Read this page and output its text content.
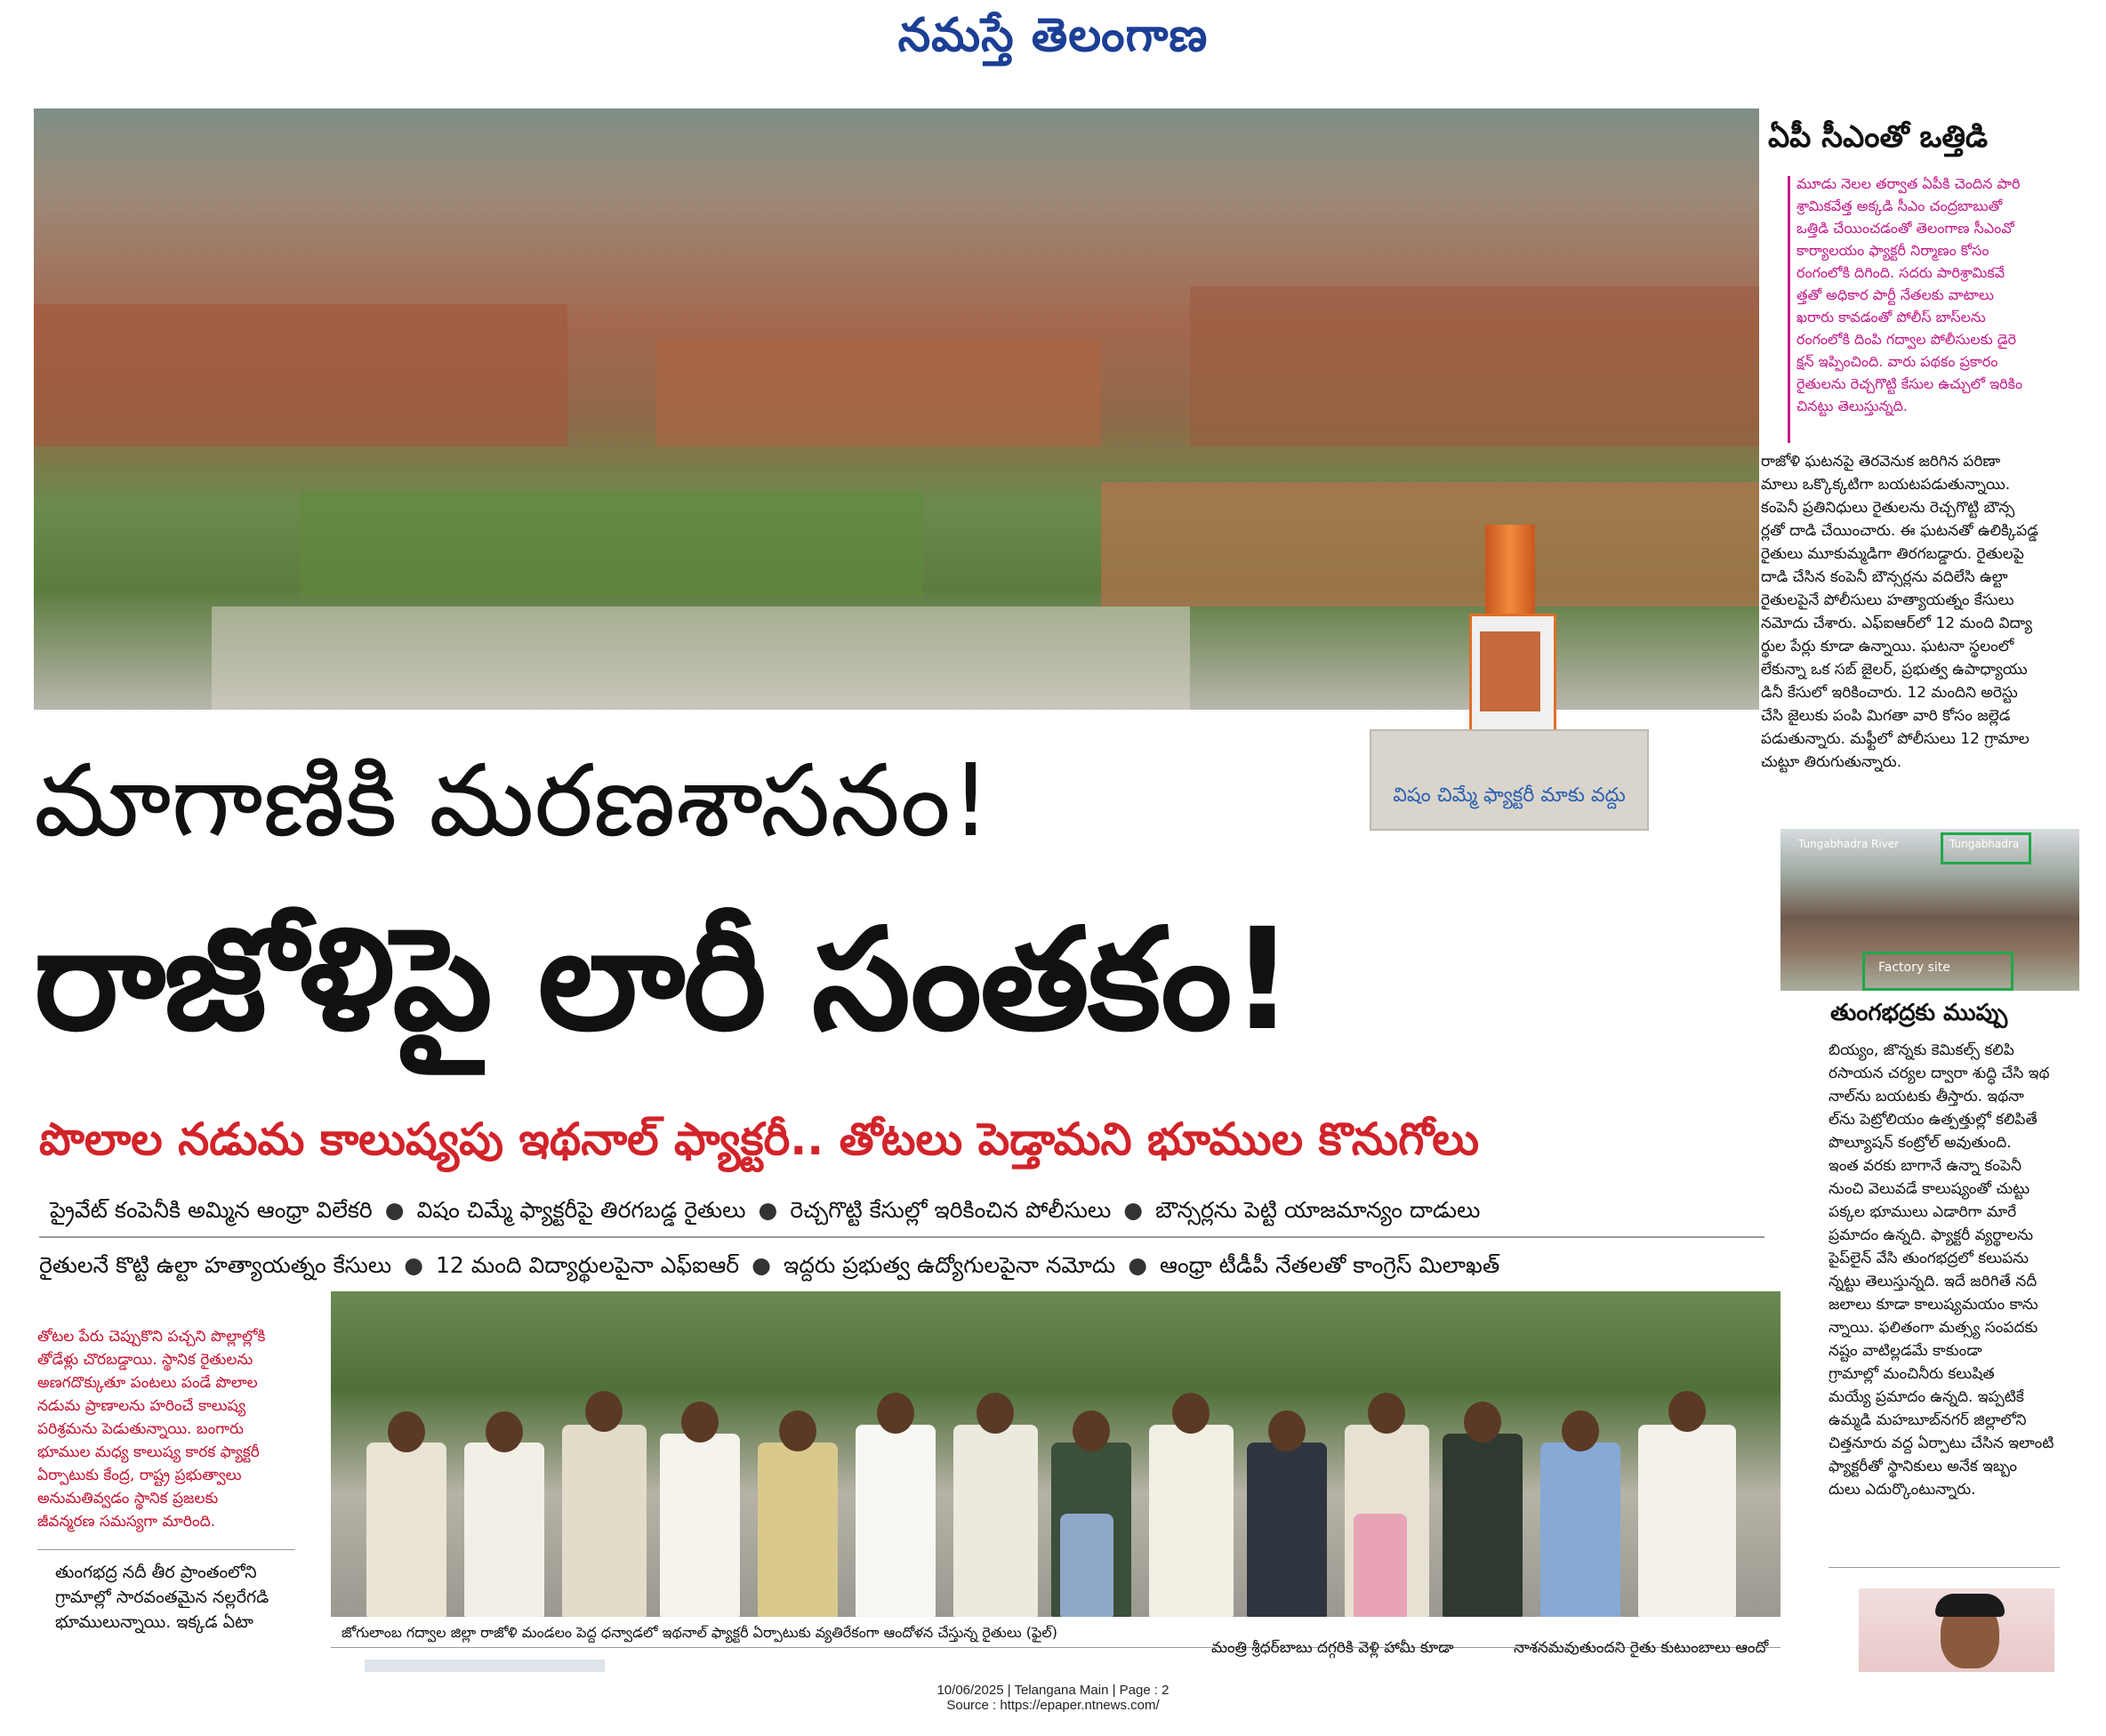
నమస్తే తెలంగాణ
విషం చిమ్మే ఫ్యాక్టరీ మాకు వద్దు
మాగాణికి మరణశాసనం!
రాజోళిపై లారీ సంతకం!
పొలాల నడుమ కాలుష్యపు ఇథనాల్ ఫ్యాక్టరీ.. తోటలు పెడ్తామని భూముల కొనుగోలు
ప్రైవేట్ కంపెనీకి అమ్మిన ఆంధ్రా విలేకరి ● విషం చిమ్మే ఫ్యాక్టరీపై తిరగబడ్డ రైతులు ● రెచ్చగొట్టి కేసుల్లో ఇరికించిన పోలీసులు ● బౌన్సర్లను పెట్టి యాజమాన్యం దాడులు
రైతులనే కొట్టి ఉల్టా హత్యాయత్నం కేసులు ● 12 మంది విద్యార్థులపైనా ఎఫ్ఐఆర్ ● ఇద్దరు ప్రభుత్వ ఉద్యోగులపైనా నమోదు ● ఆంధ్రా టీడీపీ నేతలతో కాంగ్రెస్ మిలాఖత్
తోటల పేరు చెప్పుకొని పచ్చని పొల్లాల్లోకి
తోడేళ్లు చొరబడ్డాయి. స్థానిక రైతులను
అణగదొక్కుతూ పంటలు పండే పొలాల
నడుమ ప్రాణాలను హరించే కాలుష్య
పరిశ్రమను పెడుతున్నాయి. బంగారు
భూముల మధ్య కాలుష్య కారక ఫ్యాక్టరీ
ఏర్పాటుకు కేంద్ర, రాష్ట్ర ప్రభుత్వాలు
అనుమతివ్వడం స్థానిక ప్రజలకు
జీవన్మరణ సమస్యగా మారింది.
తుంగభద్ర నదీ తీర ప్రాంతంలోని
గ్రామాల్లో సారవంతమైన నల్లరేగడి
భూములున్నాయి. ఇక్కడ ఏటా
జోగులాంబ గద్వాల జిల్లా రాజోళి మండలం పెద్ద ధన్వాడలో ఇథనాల్ ఫ్యాక్టరీ ఏర్పాటుకు వ్యతిరేకంగా ఆందోళన చేస్తున్న రైతులు (ఫైల్)
మంత్రి శ్రీధర్‌బాబు దగ్గరికి వెళ్లి హామీ కూడా	నాశనమవుతుందని రైతు కుటుంబాలు ఆందో
ఏపీ సీఎంతో ఒత్తిడి
మూడు నెలల తర్వాత ఏపీకి చెందిన పారి
శ్రామికవేత్త అక్కడి సీఎం చంద్రబాబుతో
ఒత్తిడి చేయించడంతో తెలంగాణ సీఎంవో
కార్యాలయం ఫ్యాక్టరీ నిర్మాణం కోసం
రంగంలోకి దిగింది. సదరు పారిశ్రామికవే
త్తతో అధికార పార్టీ నేతలకు వాటాలు
ఖరారు కావడంతో పోలీస్ బాస్‌లను
రంగంలోకి దింపి గద్వాల పోలీసులకు డైరె
క్షన్ ఇప్పించింది. వారు పథకం ప్రకారం
రైతులను రెచ్చగొట్టి కేసుల ఉచ్చులో ఇరికిం
చినట్టు తెలుస్తున్నది.
రాజోళి ఘటనపై తెరవెనుక జరిగిన పరిణా
మాలు ఒక్కొక్కటిగా బయటపడుతున్నాయి.
కంపెనీ ప్రతినిధులు రైతులను రెచ్చగొట్టి బౌన్స
ర్లతో దాడి చేయించారు. ఈ ఘటనతో ఉలిక్కిపడ్డ
రైతులు మూకుమ్మడిగా తిరగబడ్డారు. రైతులపై
దాడి చేసిన కంపెనీ బౌన్సర్లను వదిలేసి ఉల్టా
రైతులపైనే పోలీసులు హత్యాయత్నం కేసులు
నమోదు చేశారు. ఎఫ్ఐఆర్‌లో 12 మంది విద్యా
ర్థుల పేర్లు కూడా ఉన్నాయి. ఘటనా స్థలంలో
లేకున్నా ఒక సబ్ జైలర్, ప్రభుత్వ ఉపాధ్యాయు
డినీ కేసులో ఇరికించారు. 12 మందిని అరెస్టు
చేసి జైలుకు పంపి మిగతా వారి కోసం జల్లెడ
పడుతున్నారు. మఫ్టీలో పోలీసులు 12 గ్రామాల
చుట్టూ తిరుగుతున్నారు.
Tungabhadra River	Tungabhadra
Factory site
తుంగభద్రకు ముప్పు
బియ్యం, జొన్నకు కెమికల్స్ కలిపి
రసాయన చర్యల ద్వారా శుద్ధి చేసి ఇథ
నాల్‌ను బయటకు తీస్తారు. ఇథనా
ల్‌ను పెట్రోలియం ఉత్పత్తుల్లో కలిపితే
పొల్యూషన్ కంట్రోల్ అవుతుంది.
ఇంత వరకు బాగానే ఉన్నా కంపెనీ
నుంచి వెలువడే కాలుష్యంతో చుట్టు
పక్కల భూములు ఎడారిగా మారే
ప్రమాదం ఉన్నది. ఫ్యాక్టరీ వ్యర్థాలను
పైప్‌లైన్ వేసి తుంగభద్రలో కలుపను
న్నట్టు తెలుస్తున్నది. ఇదే జరిగితే నదీ
జలాలు కూడా కాలుష్యమయం కాను
న్నాయి. ఫలితంగా మత్స్య సంపదకు
నష్టం వాటిల్లడమే కాకుండా
గ్రామాల్లో మంచినీరు కలుషిత
మయ్యే ప్రమాదం ఉన్నది. ఇప్పటికే
ఉమ్మడి మహబూబ్‌నగర్ జిల్లాలోని
చిత్తనూరు వద్ద ఏర్పాటు చేసిన ఇలాంటి
ఫ్యాక్టరీతో స్థానికులు అనేక ఇబ్బం
దులు ఎదుర్కొంటున్నారు.
10/06/2025 | Telangana Main | Page : 2
Source : https://epaper.ntnews.com/
